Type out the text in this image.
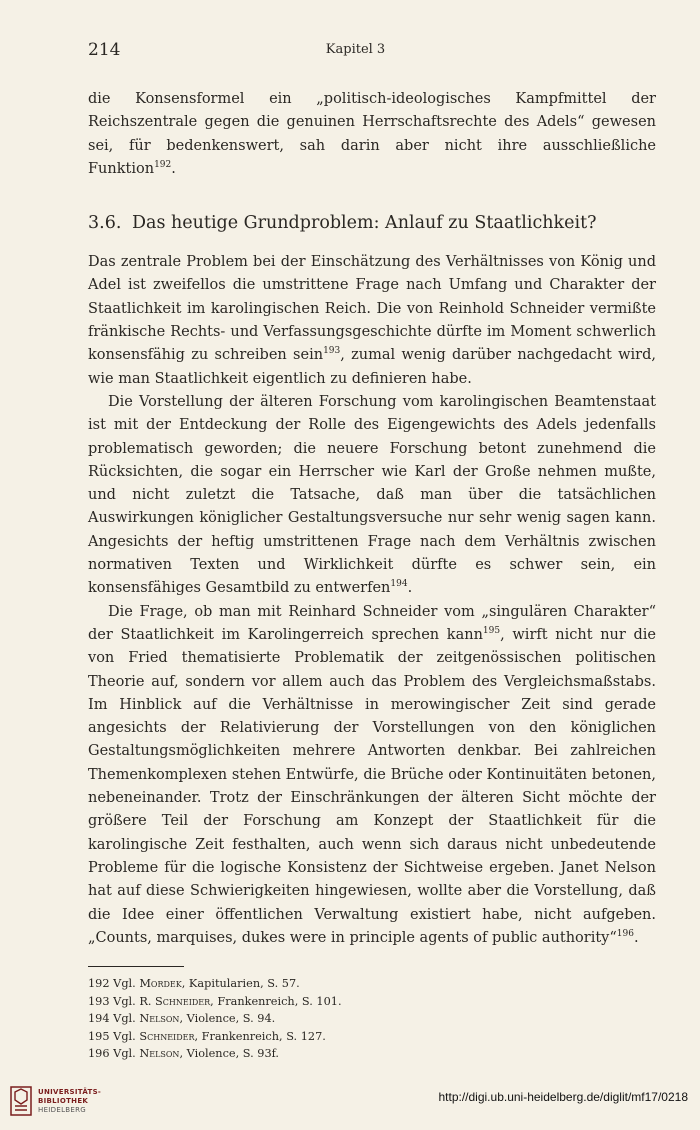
214	Kapitel 3

die Konsensformel ein „politisch-ideologisches Kampfmittel der Reichszentrale gegen die genuinen Herrschaftsrechte des Adels“ gewesen sei, für bedenkenswert, sah darin aber nicht ihre ausschließliche Funktion$^{192}$.

3.6. Das heutige Grundproblem: Anlauf zu Staatlichkeit?

Das zentrale Problem bei der Einschätzung des Verhältnisses von König und Adel ist zweifellos die umstrittene Frage nach Umfang und Charakter der Staatlichkeit im karolingischen Reich. Die von Reinhold Schneider vermißte fränkische Rechts- und Verfassungsgeschichte dürfte im Moment schwerlich konsensfähig zu schreiben sein$^{193}$, zumal wenig darüber nachgedacht wird, wie man Staatlichkeit eigentlich zu definieren habe.

Die Vorstellung der älteren Forschung vom karolingischen Beamtenstaat ist mit der Entdeckung der Rolle des Eigengewichts des Adels jedenfalls problematisch geworden; die neuere Forschung betont zunehmend die Rücksichten, die sogar ein Herrscher wie Karl der Große nehmen mußte, und nicht zuletzt die Tatsache, daß man über die tatsächlichen Auswirkungen königlicher Gestaltungsversuche nur sehr wenig sagen kann. Angesichts der heftig umstrittenen Frage nach dem Verhältnis zwischen normativen Texten und Wirklichkeit dürfte es schwer sein, ein konsensfähiges Gesamtbild zu entwerfen$^{194}$.

Die Frage, ob man mit Reinhard Schneider vom „singulären Charakter“ der Staatlichkeit im Karolingerreich sprechen kann$^{195}$, wirft nicht nur die von Fried thematisierte Problematik der zeitgenössischen politischen Theorie auf, sondern vor allem auch das Problem des Vergleichsmaßstabs. Im Hinblick auf die Verhältnisse in merowingischer Zeit sind gerade angesichts der Relativierung der Vorstellungen von den königlichen Gestaltungsmöglichkeiten mehrere Antworten denkbar. Bei zahlreichen Themenkomplexen stehen Entwürfe, die Brüche oder Kontinuitäten betonen, nebeneinander. Trotz der Einschränkungen der älteren Sicht möchte der größere Teil der Forschung am Konzept der Staatlichkeit für die karolingische Zeit festhalten, auch wenn sich daraus nicht unbedeutende Probleme für die logische Konsistenz der Sichtweise ergeben. Janet Nelson hat auf diese Schwierigkeiten hingewiesen, wollte aber die Vorstellung, daß die Idee einer öffentlichen Verwaltung existiert habe, nicht aufgeben. „Counts, marquises, dukes were in principle agents of public authority“$^{196}$.

192 Vgl. Mordek, Kapitularien, S. 57.
193 Vgl. R. Schneider, Frankenreich, S. 101.
194 Vgl. Nelson, Violence, S. 94.
195 Vgl. Schneider, Frankenreich, S. 127.
196 Vgl. Nelson, Violence, S. 93f.
UNIVERSITÄTS-
BIBLIOTHEK
HEIDELBERG
http://digi.ub.uni-heidelberg.de/diglit/mf17/0218
